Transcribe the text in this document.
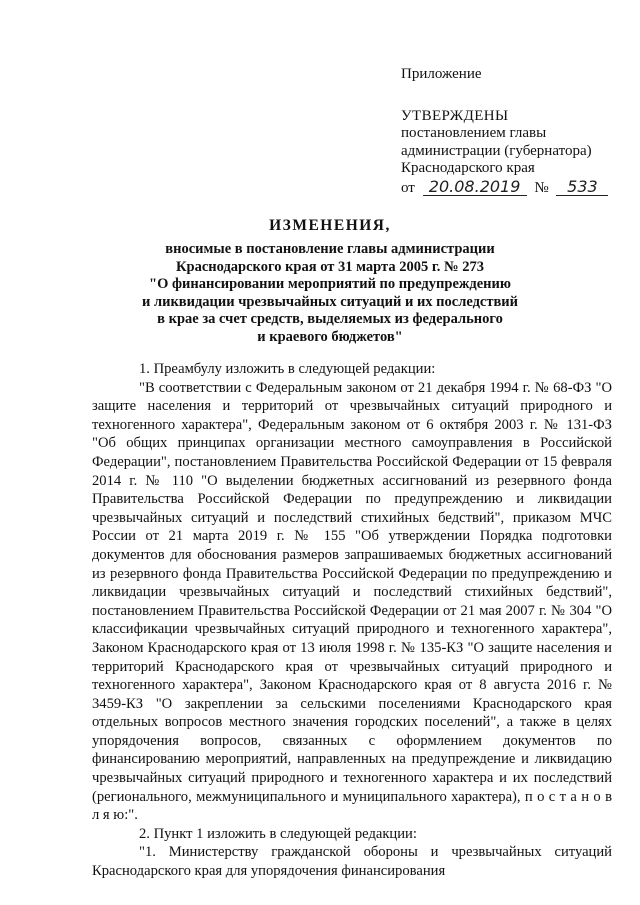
Приложение
УТВЕРЖДЕНЫ
постановлением главы
администрации (губернатора)
Краснодарского края
от 20.08.2019 № 533
ИЗМЕНЕНИЯ,
вносимые в постановление главы администрации
Краснодарского края от 31 марта 2005 г. № 273
"О финансировании мероприятий по предупреждению
и ликвидации чрезвычайных ситуаций и их последствий
в крае за счет средств, выделяемых из федерального
и краевого бюджетов"

1. Преамбулу изложить в следующей редакции:

"В соответствии с Федеральным законом от 21 декабря 1994 г. № 68-ФЗ "О защите населения и территорий от чрезвычайных ситуаций природного и техногенного характера", Федеральным законом от 6 октября 2003 г. № 131-ФЗ "Об общих принципах организации местного самоуправления в Российской Федерации", постановлением Правительства Российской Федерации от 15 февраля 2014 г. № 110 "О выделении бюджетных ассигнований из резервного фонда Правительства Российской Федерации по предупреждению и ликвидации чрезвычайных ситуаций и последствий стихийных бедствий", приказом МЧС России от 21 марта 2019 г. № 155 "Об утверждении Порядка подготовки документов для обоснования размеров запрашиваемых бюджетных ассигнований из резервного фонда Правительства Российской Федерации по предупреждению и ликвидации чрезвычайных ситуаций и последствий стихийных бедствий", постановлением Правительства Российской Федерации от 21 мая 2007 г. № 304 "О классификации чрезвычайных ситуаций природного и техногенного характера", Законом Краснодарского края от 13 июля 1998 г. № 135-КЗ "О защите населения и территорий Краснодарского края от чрезвычайных ситуаций природного и техногенного характера", Законом Краснодарского края от 8 августа 2016 г. № 3459-КЗ "О закреплении за сельскими поселениями Краснодарского края отдельных вопросов местного значения городских поселений", а также в целях упорядочения вопросов, связанных с оформлением документов по финансированию мероприятий, направленных на предупреждение и ликвидацию чрезвычайных ситуаций природного и техногенного характера и их последствий (регионального, межмуниципального и муниципального характера), п о с т а н о в л я ю:".

2. Пункт 1 изложить в следующей редакции:

"1. Министерству гражданской обороны и чрезвычайных ситуаций Краснодарского края для упорядочения финансирования
